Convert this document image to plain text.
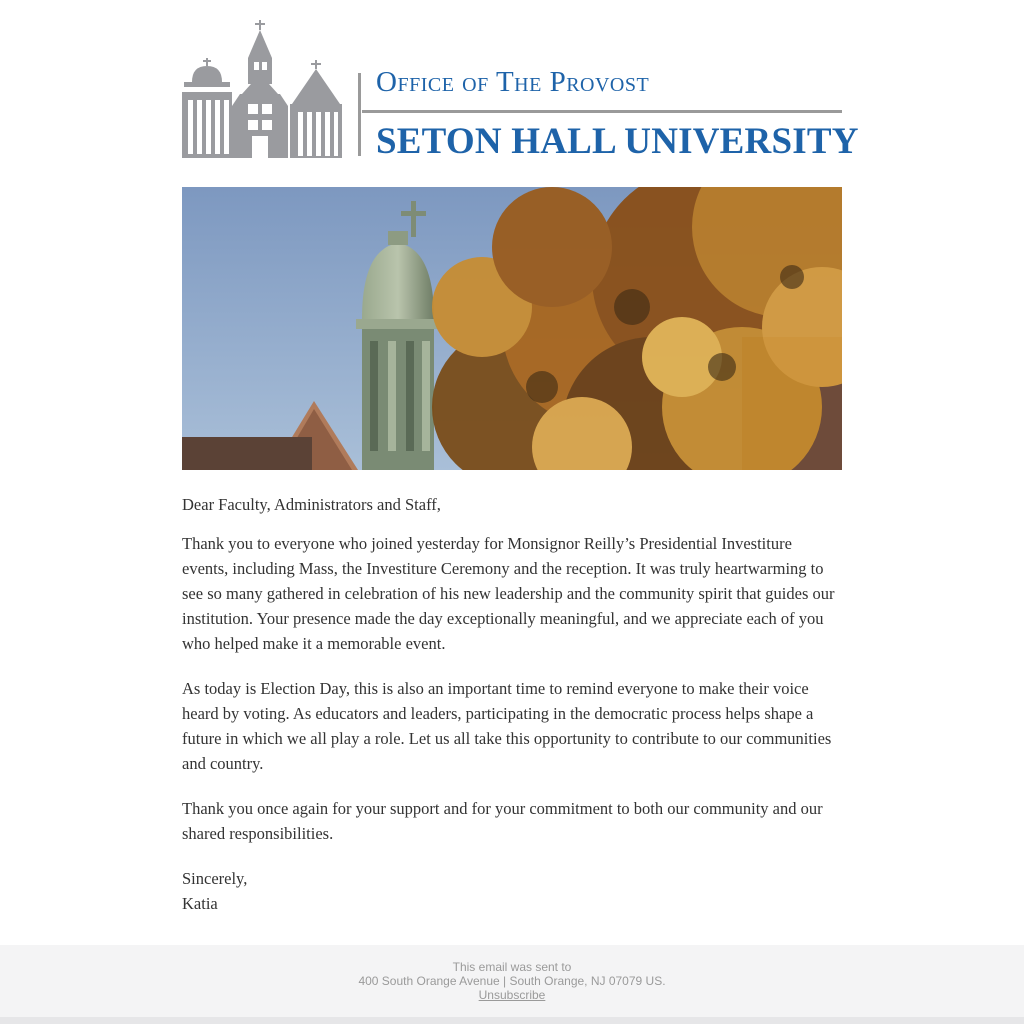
Office of The Provost
SETON HALL UNIVERSITY

Dear Faculty, Administrators and Staff,

Thank you to everyone who joined yesterday for Monsignor Reilly’s Presidential Investiture events, including Mass, the Investiture Ceremony and the reception. It was truly heartwarming to see so many gathered in celebration of his new leadership and the community spirit that guides our institution. Your presence made the day exceptionally meaningful, and we appreciate each of you who helped make it a memorable event.

As today is Election Day, this is also an important time to remind everyone to make their voice heard by voting. As educators and leaders, participating in the democratic process helps shape a future in which we all play a role. Let us all take this opportunity to contribute to our communities and country.

Thank you once again for your support and for your commitment to both our community and our shared responsibilities.

Sincerely,

Katia

This email was sent to
400 South Orange Avenue | South Orange, NJ 07079 US.
Unsubscribe
